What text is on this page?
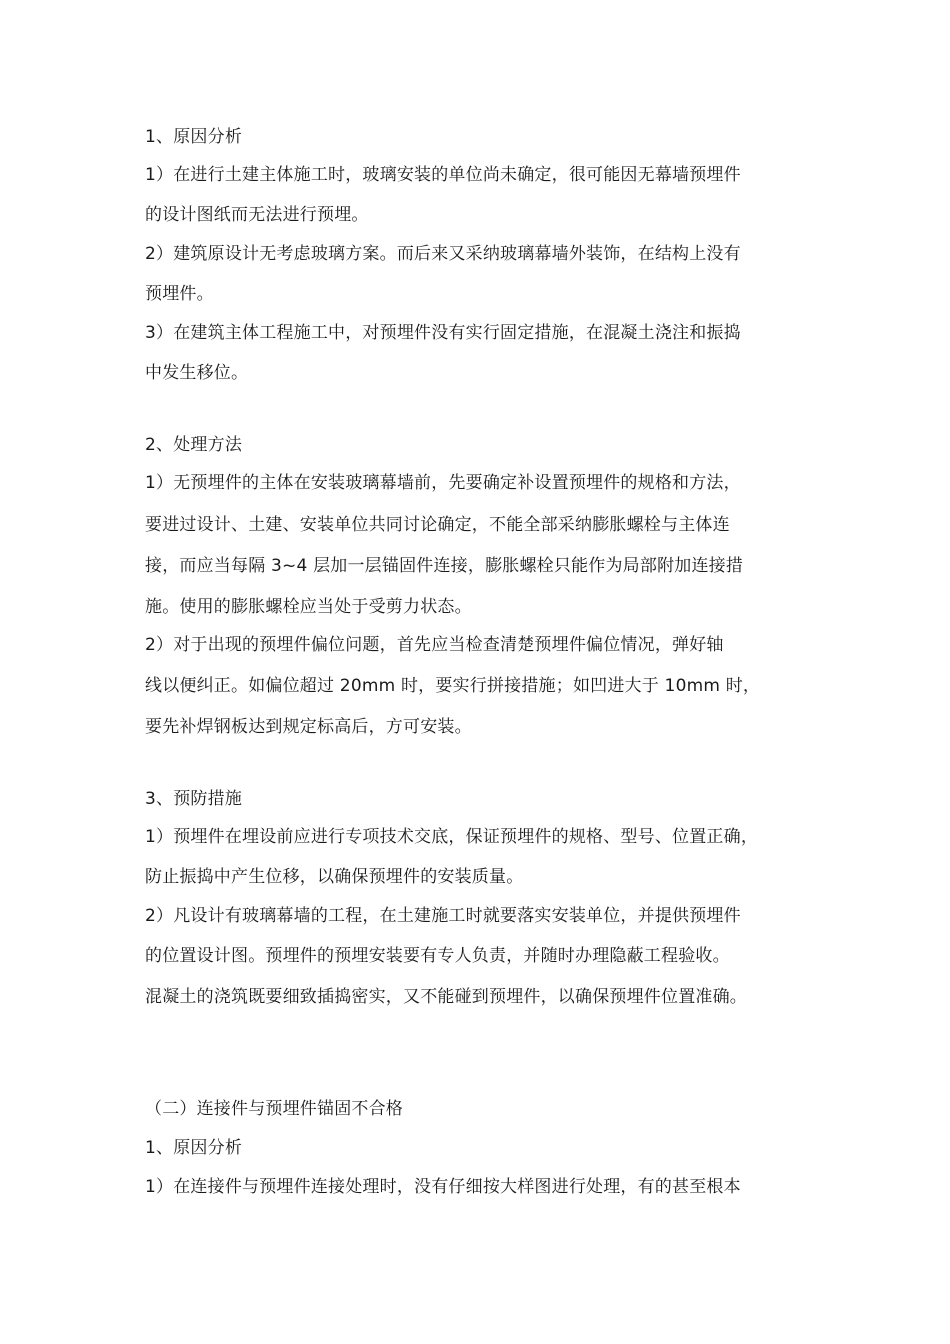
1、原因分析
1）在进行土建主体施工时，玻璃安装的单位尚未确定，很可能因无幕墙预埋件
的设计图纸而无法进行预埋。
2）建筑原设计无考虑玻璃方案。而后来又采纳玻璃幕墙外装饰，在结构上没有
预埋件。
3）在建筑主体工程施工中，对预埋件没有实行固定措施，在混凝土浇注和振捣
中发生移位。
2、处理方法
1）无预埋件的主体在安装玻璃幕墙前，先要确定补设置预埋件的规格和方法，
要进过设计、土建、安装单位共同讨论确定，不能全部采纳膨胀螺栓与主体连
接，而应当每隔 3~4 层加一层锚固件连接，膨胀螺栓只能作为局部附加连接措
施。使用的膨胀螺栓应当处于受剪力状态。
2）对于出现的预埋件偏位问题，首先应当检查清楚预埋件偏位情况，弹好轴
线以便纠正。如偏位超过 20mm 时，要实行拼接措施；如凹进大于 10mm 时，
要先补焊钢板达到规定标高后，方可安装。
3、预防措施
1）预埋件在埋设前应进行专项技术交底，保证预埋件的规格、型号、位置正确，
防止振捣中产生位移，以确保预埋件的安装质量。
2）凡设计有玻璃幕墙的工程，在土建施工时就要落实安装单位，并提供预埋件
的位置设计图。预埋件的预埋安装要有专人负责，并随时办理隐蔽工程验收。
混凝土的浇筑既要细致插捣密实，又不能碰到预埋件，以确保预埋件位置准确。
（二）连接件与预埋件锚固不合格
1、原因分析
1）在连接件与预埋件连接处理时，没有仔细按大样图进行处理，有的甚至根本
